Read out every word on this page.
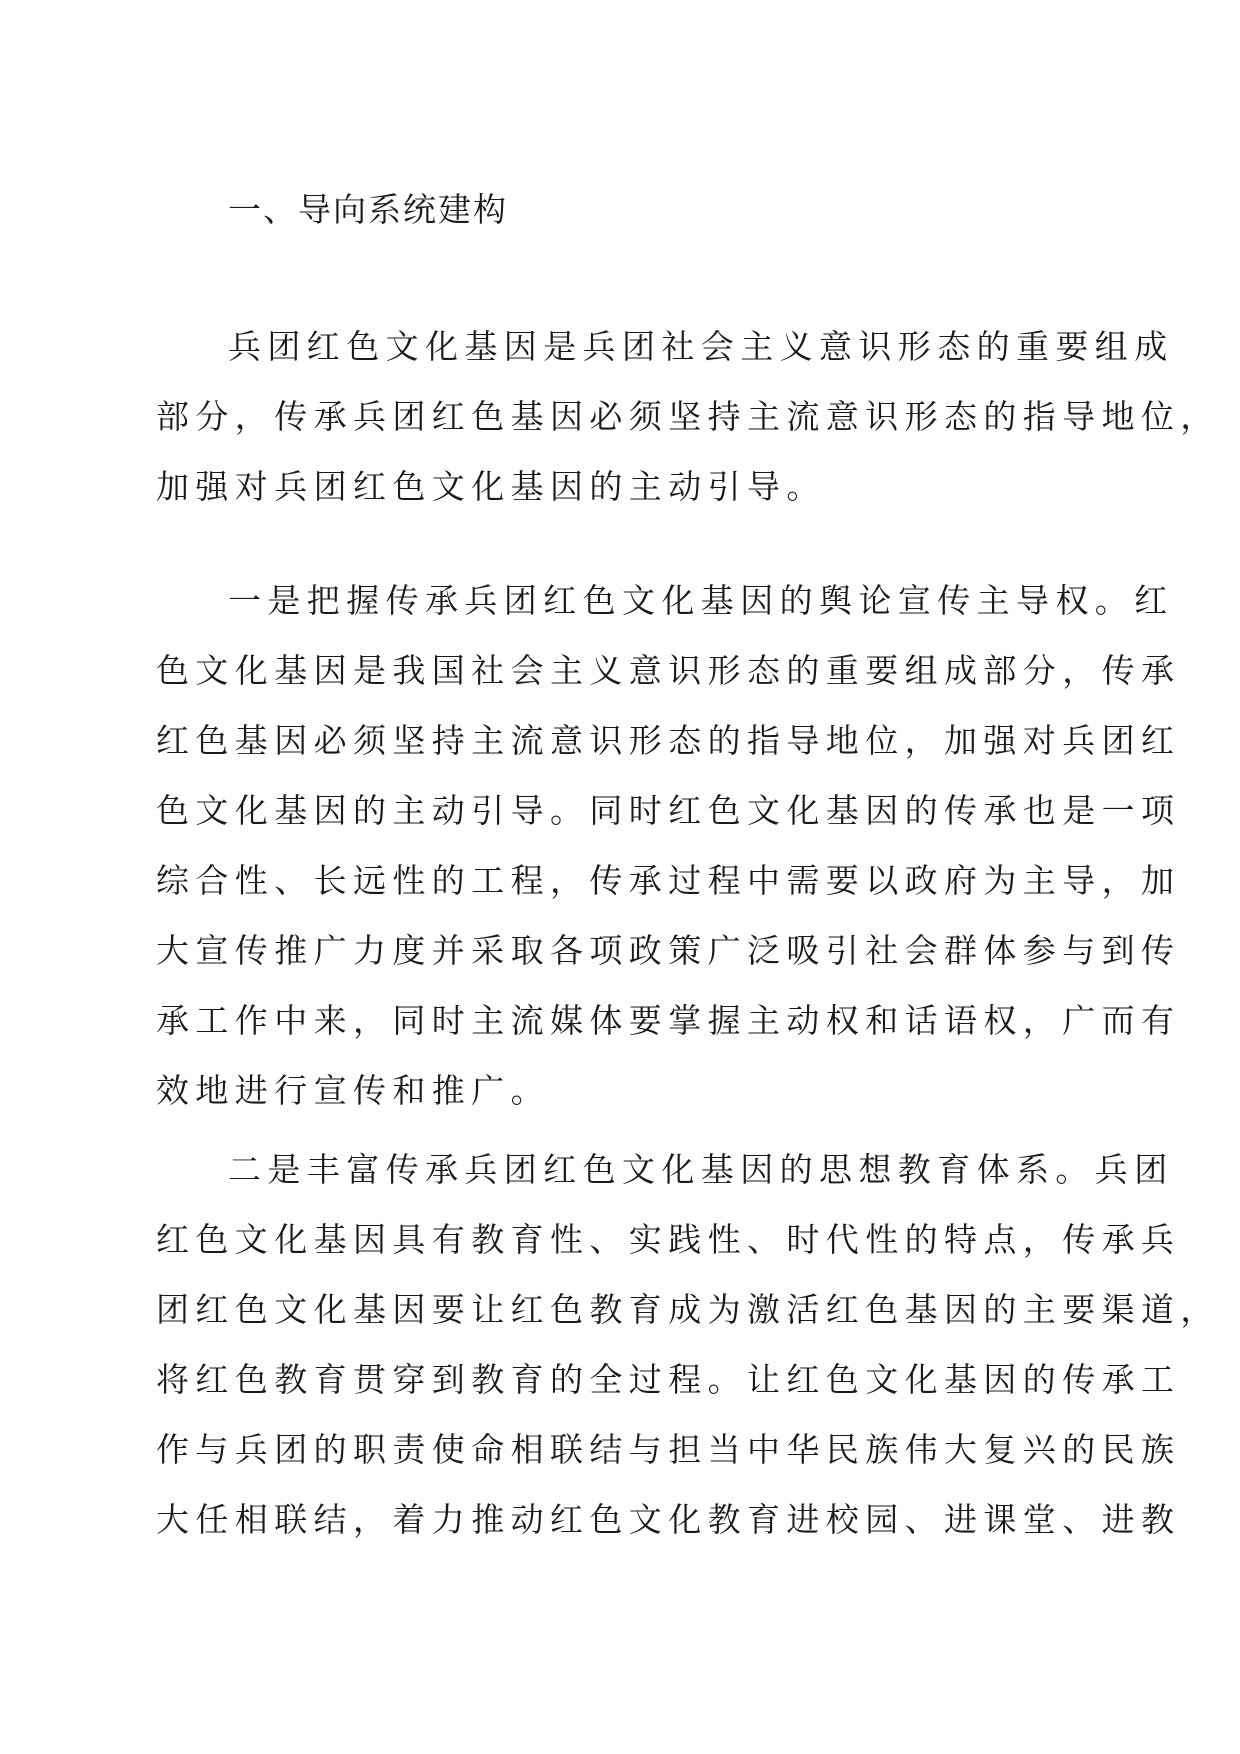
一、导向系统建构
兵团红色文化基因是兵团社会主义意识形态的重要组成
部分，传承兵团红色基因必须坚持主流意识形态的指导地位，
加强对兵团红色文化基因的主动引导。
一是把握传承兵团红色文化基因的舆论宣传主导权。红
色文化基因是我国社会主义意识形态的重要组成部分，传承
红色基因必须坚持主流意识形态的指导地位，加强对兵团红
色文化基因的主动引导。同时红色文化基因的传承也是一项
综合性、长远性的工程，传承过程中需要以政府为主导，加
大宣传推广力度并采取各项政策广泛吸引社会群体参与到传
承工作中来，同时主流媒体要掌握主动权和话语权，广而有
效地进行宣传和推广。
二是丰富传承兵团红色文化基因的思想教育体系。兵团
红色文化基因具有教育性、实践性、时代性的特点，传承兵
团红色文化基因要让红色教育成为激活红色基因的主要渠道，
将红色教育贯穿到教育的全过程。让红色文化基因的传承工
作与兵团的职责使命相联结与担当中华民族伟大复兴的民族
大任相联结，着力推动红色文化教育进校园、进课堂、进教
